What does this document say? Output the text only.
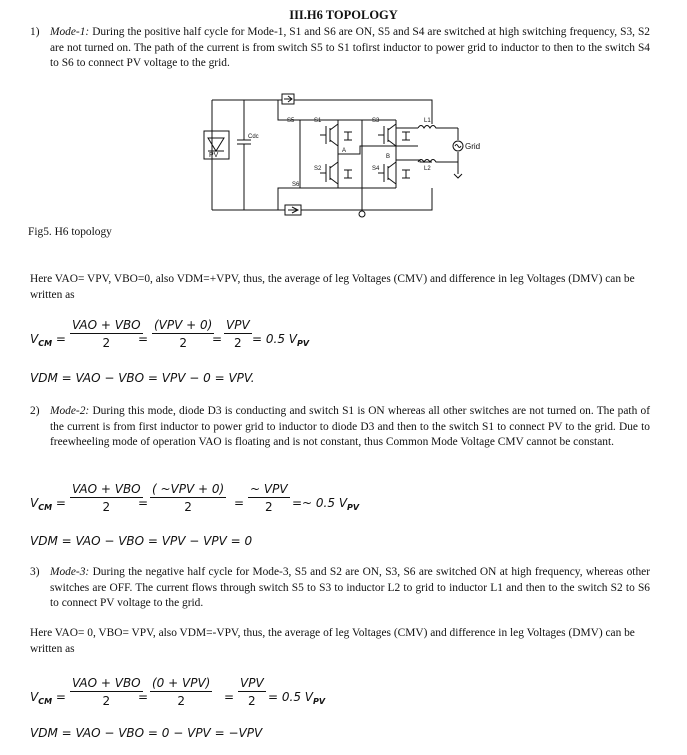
III.H6 TOPOLOGY
1) Mode-1: During the positive half cycle for Mode-1, S1 and S6 are ON, S5 and S4 are switched at high switching frequency, S3, S2 are not turned on. The path of the current is from switch S5 to S1 tofirst inductor to power grid to inductor to then to the switch S4 to S6 to connect PV voltage to the grid.
S5	S1	S3
S2	S4
S6
L1
L2
Cdc
PV
A
B
Grid
Fig5. H6 topology
Here VAO= VPV, VBO=0, also VDM=+VPV, thus, the average of leg Voltages (CMV) and difference in leg Voltages (DMV) can be written as
$V_{CM}$ =
VAO + VBO
2	=
(VPV + 0)
2	=
VPV
2 = 0.5 $V_{PV}$
VDM = VAO − VBO = VPV − 0 = VPV.
2) Mode-2: During this mode, diode D3 is conducting and switch S1 is ON whereas all other switches are not turned on. The path of the current is from first inductor to power grid to inductor to diode D3 and then to the switch S1 to connect PV to the grid. Due to freewheeling mode of operation VAO is floating and is not constant, thus Common Mode Voltage CMV cannot be constant.
$V_{CM}$ =
VAO + VBO
2	=
( ~VPV + 0)
2	=
~ VPV
2	=~ 0.5 $V_{PV}$
VDM = VAO − VBO = VPV − VPV = 0
3) Mode-3: During the negative half cycle for Mode-3, S5 and S2 are ON, S3, S6 are switched ON at high frequency, whereas other switches are OFF. The current flows through switch S5 to S3 to inductor L2 to grid to inductor L1 and then to the switch S2 to S6 to connect PV voltage to the grid.
Here VAO= 0, VBO= VPV, also VDM=-VPV, thus, the average of leg Voltages (CMV) and difference in leg Voltages (DMV) can be written as
$V_{CM}$ =
VAO + VBO
2	=
(0 + VPV)
2	=
VPV
2	= 0.5 $V_{PV}$
VDM = VAO − VBO = 0 − VPV = −VPV
